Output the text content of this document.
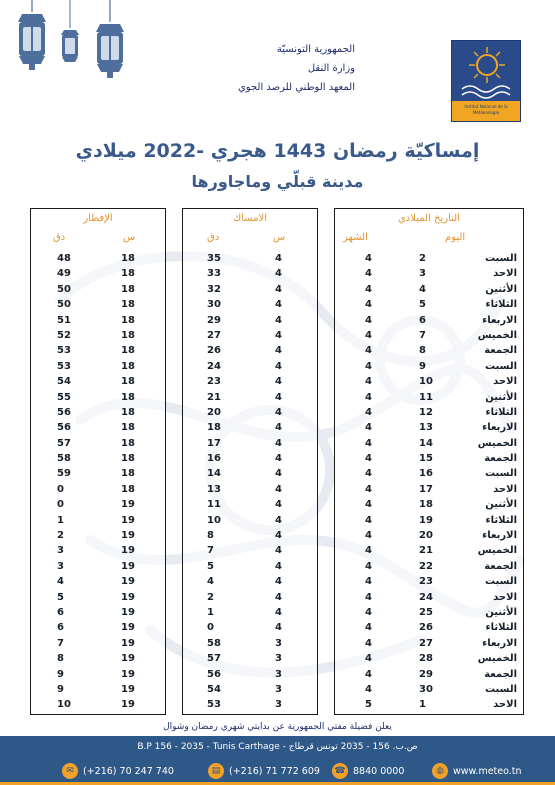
الجمهورية التونسيّة
وزارة النقل
المعهد الوطني للرصد الجوي
Institut National de la Météorologie
إمساكيّة رمضان 1443 هجري -2022 ميلادي
مدينة قبلّي وماجاورها
الإفطار
دق	س
48	18
49	18
50	18
50	18
51	18
52	18
53	18
53	18
54	18
55	18
56	18
56	18
57	18
58	18
59	18
0	18
0	19
1	19
2	19
3	19
3	19
4	19
5	19
6	19
6	19
7	19
8	19
9	19
9	19
10	19
الامساك
دق	س
35	4
33	4
32	4
30	4
29	4
27	4
26	4
24	4
23	4
21	4
20	4
18	4
17	4
16	4
14	4
13	4
11	4
10	4
8	4
7	4
5	4
4	4
2	4
1	4
0	4
58	3
57	3
56	3
54	3
53	3
التاريخ الميلادي
الشهر	اليوم
4	2	السبت
4	3	الاحد
4	4	الأثنين
4	5	الثلاثاء
4	6	الاربعاء
4	7	الخميس
4	8	الجمعة
4	9	السبت
4	10	الاحد
4	11	الأثنين
4	12	الثلاثاء
4	13	الاربعاء
4	14	الخميس
4	15	الجمعة
4	16	السبت
4	17	الاحد
4	18	الأثنين
4	19	الثلاثاء
4	20	الاربعاء
4	21	الخميس
4	22	الجمعة
4	23	السبت
4	24	الاحد
4	25	الأثنين
4	26	الثلاثاء
4	27	الاربعاء
4	28	الخميس
4	29	الجمعة
4	30	السبت
5	1	الاحد
يعلن فضيلة مفتي الجمهورية عن بدايتي شهري رمضان وشوال
B.P 156 - 2035 - Tunis Carthage - ص.ب. 156 - 2035 تونس قرطاج
✉ (+216) 70 247 740	▤ (+216) 71 772 609 ☎ 8840 0000	◍ www.meteo.tn
